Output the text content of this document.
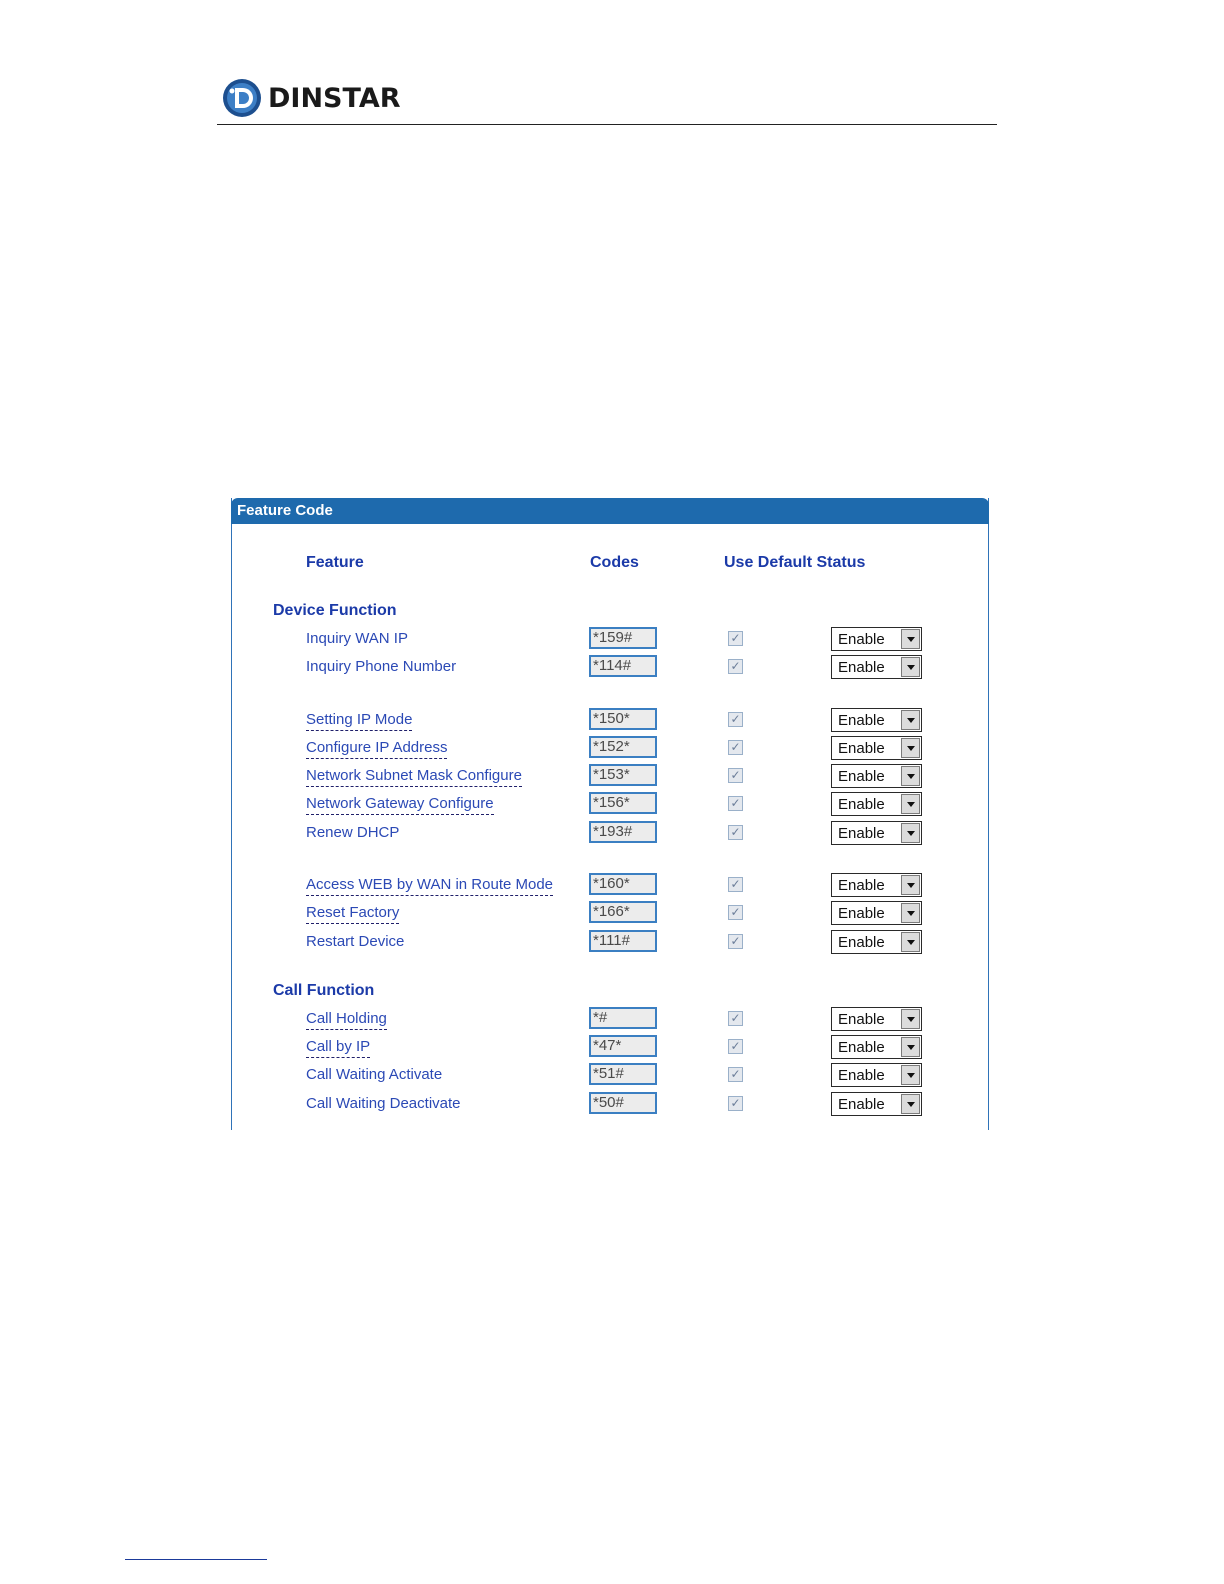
DINSTAR
Feature Code
Feature	Codes	Use Default Status
Device Function
Call Function
Inquiry WAN IP	*159#	✓	Enable
Inquiry Phone Number	*114#	✓	Enable
Setting IP Mode	*150*	✓	Enable
Configure IP Address	*152*	✓	Enable
Network Subnet Mask Configure	*153*	✓	Enable
Network Gateway Configure	*156*	✓	Enable
Renew DHCP	*193#	✓	Enable
Access WEB by WAN in Route Mode	*160*	✓	Enable
Reset Factory	*166*	✓	Enable
Restart Device	*111#	✓	Enable
Call Holding	*#	✓	Enable
Call by IP	*47*	✓	Enable
Call Waiting Activate	*51#	✓	Enable
Call Waiting Deactivate	*50#	✓	Enable
